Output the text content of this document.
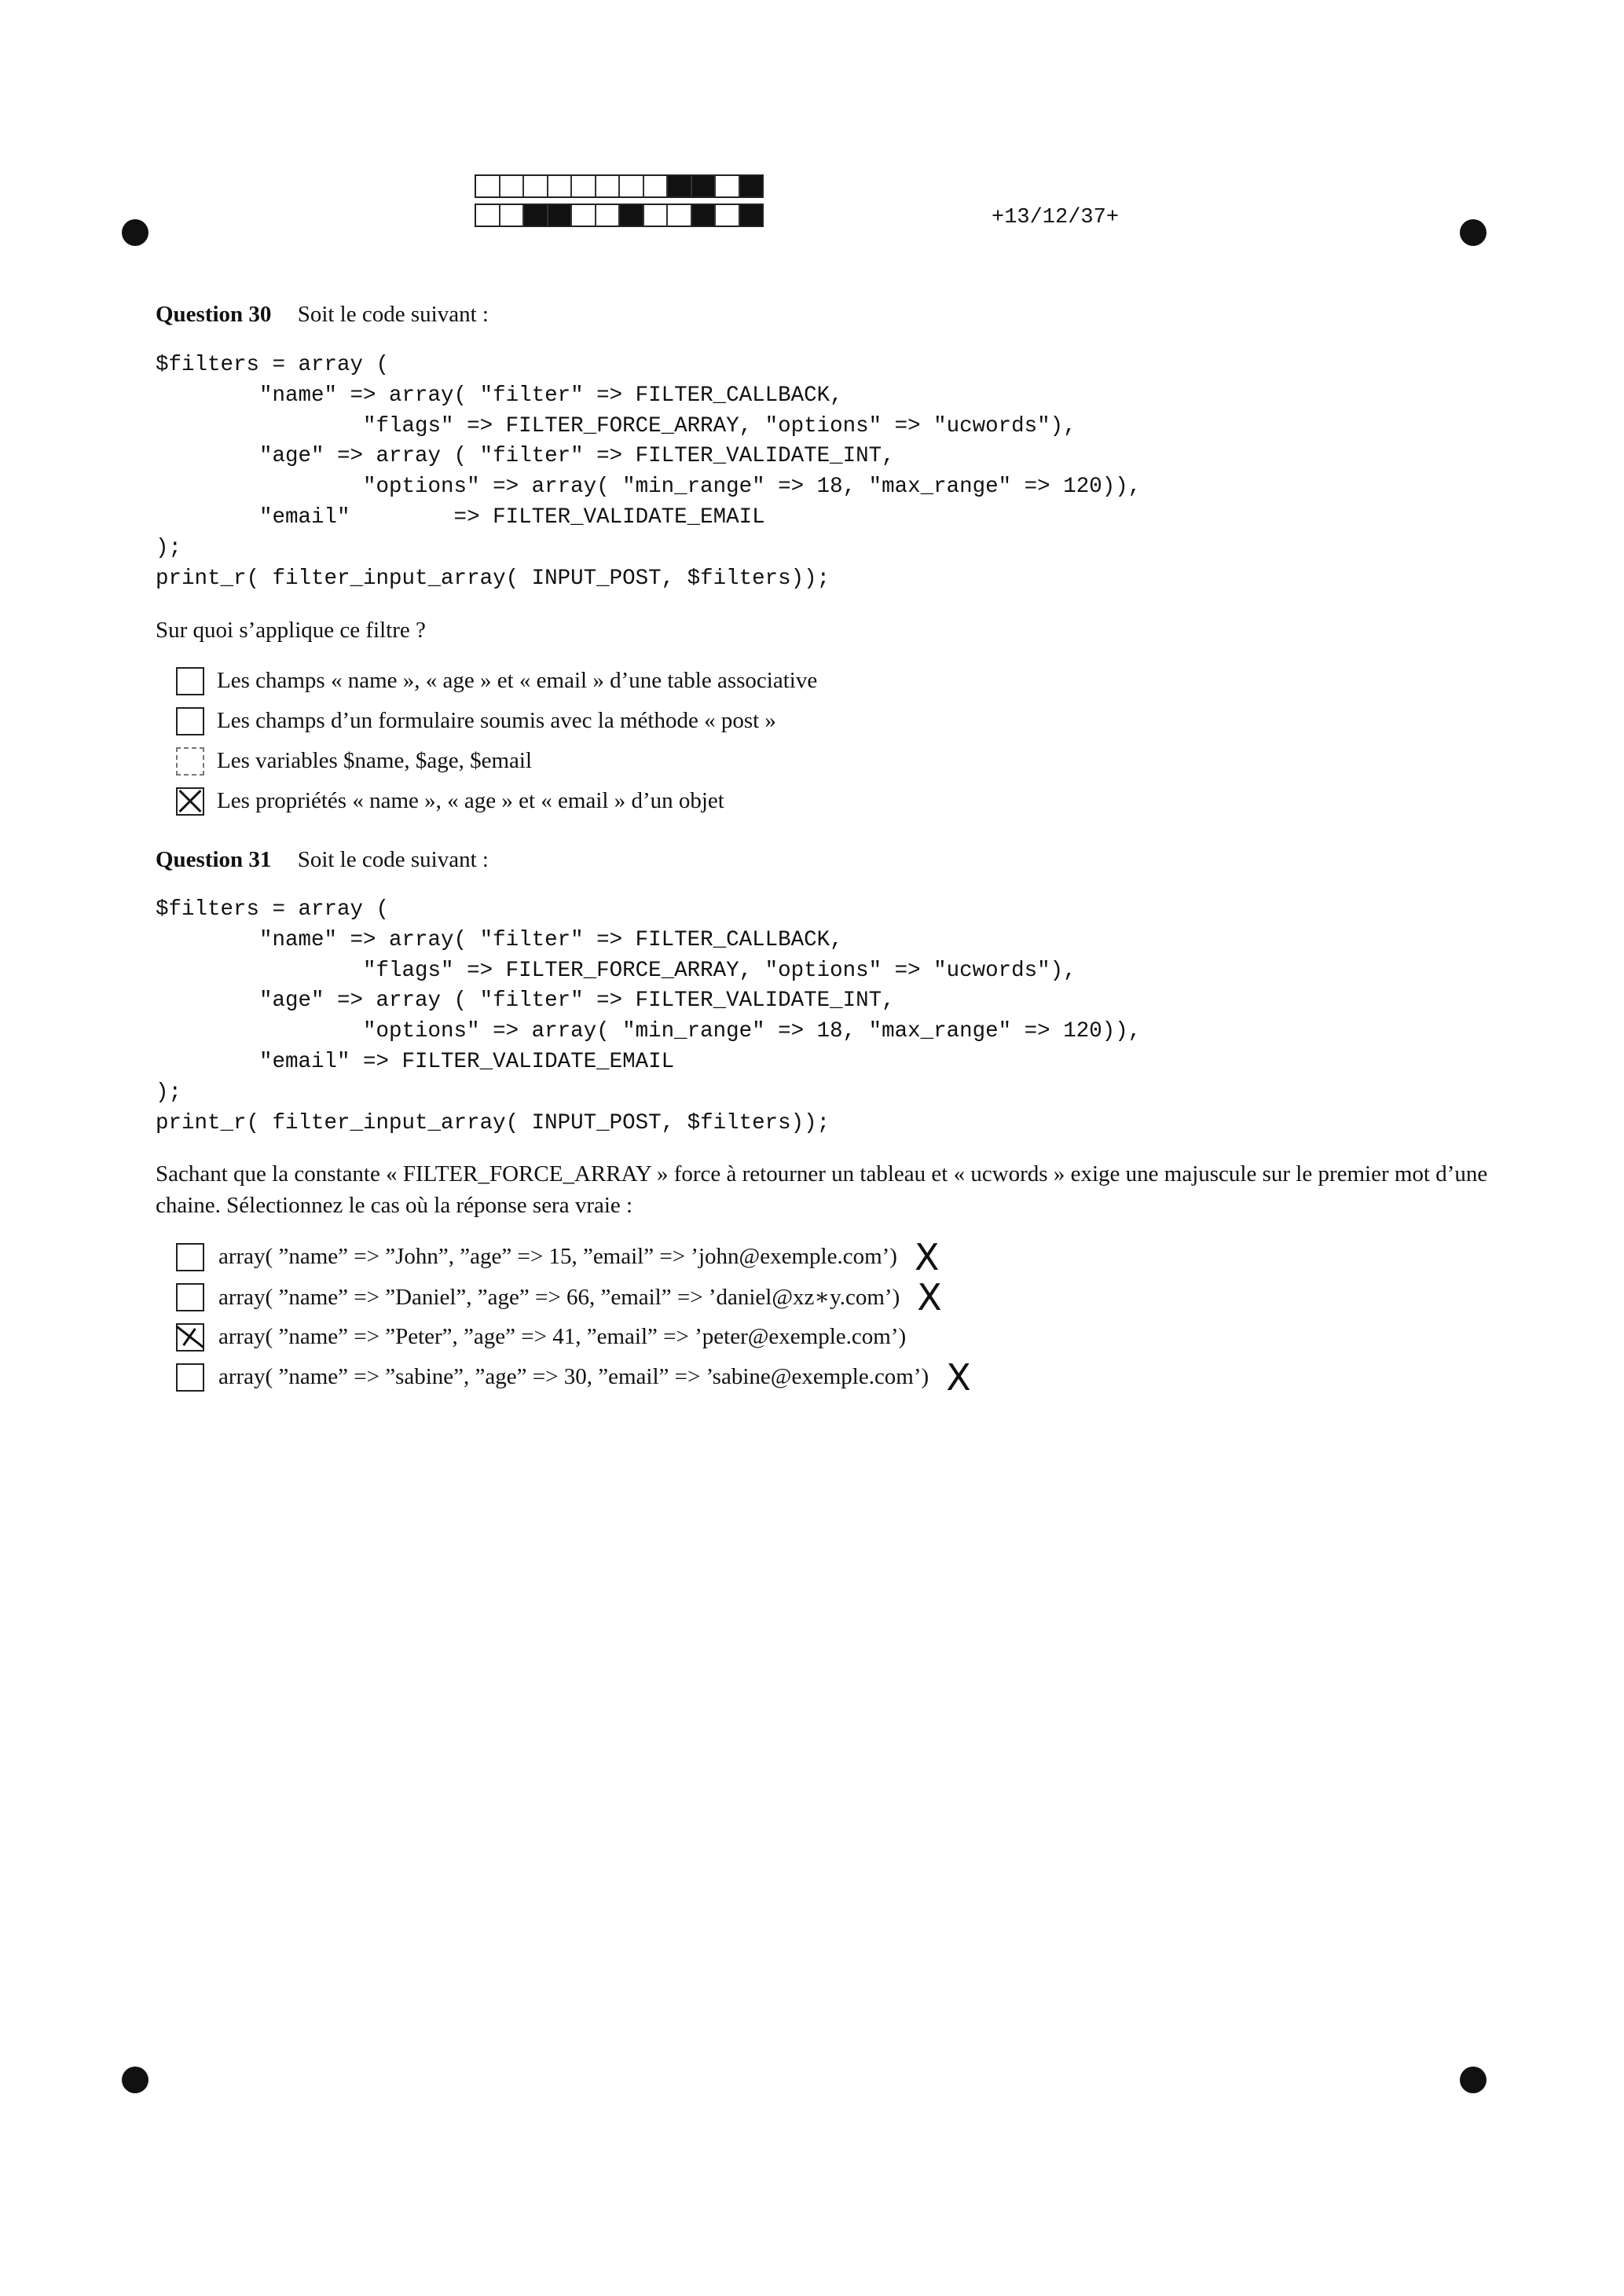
+13/12/37+
Question 30 Soit le code suivant :
$filters = array (
"name" => array( "filter" => FILTER_CALLBACK,
"flags" => FILTER_FORCE_ARRAY, "options" => "ucwords"),
"age" => array ( "filter" => FILTER_VALIDATE_INT,
"options" => array( "min_range" => 18, "max_range" => 120)),
"email"        => FILTER_VALIDATE_EMAIL
);
print_r( filter_input_array( INPUT_POST, $filters));
Sur quoi s’applique ce filtre ?
Les champs « name », « age » et « email » d’une table associative
Les champs d’un formulaire soumis avec la méthode « post »
Les variables $name, $age, $email
Les propriétés « name », « age » et « email » d’un objet
Question 31 Soit le code suivant :
$filters = array (
"name" => array( "filter" => FILTER_CALLBACK,
"flags" => FILTER_FORCE_ARRAY, "options" => "ucwords"),
"age" => array ( "filter" => FILTER_VALIDATE_INT,
"options" => array( "min_range" => 18, "max_range" => 120)),
"email" => FILTER_VALIDATE_EMAIL
);
print_r( filter_input_array( INPUT_POST, $filters));
Sachant que la constante « FILTER_FORCE_ARRAY » force à retourner un tableau et « ucwords » exige une majuscule sur le premier mot d’une chaine. Sélectionnez le cas où la réponse sera vraie :
array( ”name” => ”John”, ”age” => 15, ”email” => ’john@exemple.com’) X
array( ”name” => ”Daniel”, ”age” => 66, ”email” => ’daniel@xz∗y.com’) X
array( ”name” => ”Peter”, ”age” => 41, ”email” => ’peter@exemple.com’)
array( ”name” => ”sabine”, ”age” => 30, ”email” => ’sabine@exemple.com’) X
